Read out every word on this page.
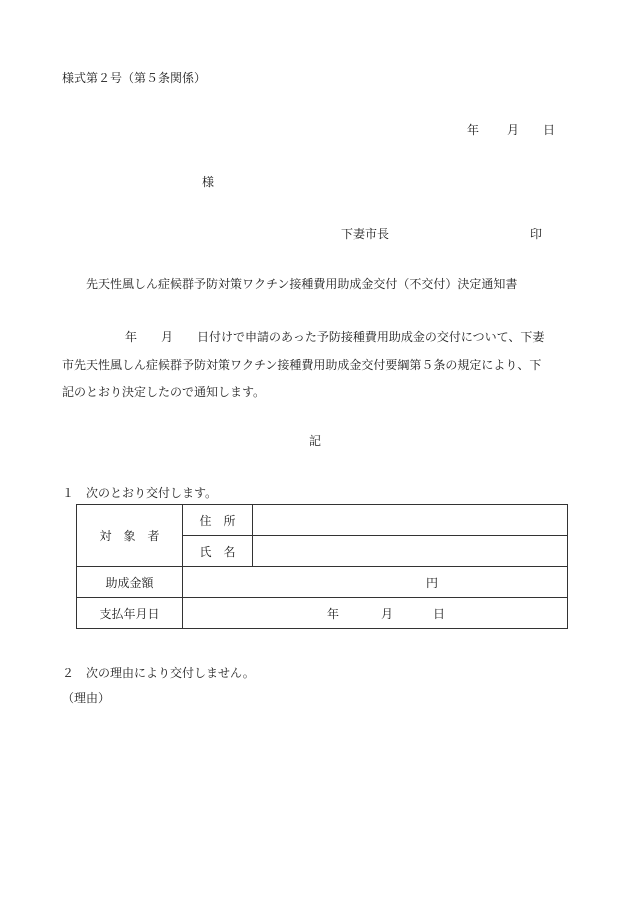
様式第２号（第５条関係）
年 月 日
様
下妻市長	印
先天性風しん症候群予防対策ワクチン接種費用助成金交付（不交付）決定通知書
年　　月　　日付けで申請のあった予防接種費用助成金の交付について、下妻
市先天性風しん症候群予防対策ワクチン接種費用助成金交付要綱第５条の規定により、下
記のとおり決定したので通知します。
記
１　次のとおり交付します。
対　象　者	住　所	
	氏　名	
助成金額	円	
支払年月日	年 月 日	
２　次の理由により交付しません。
（理由）
